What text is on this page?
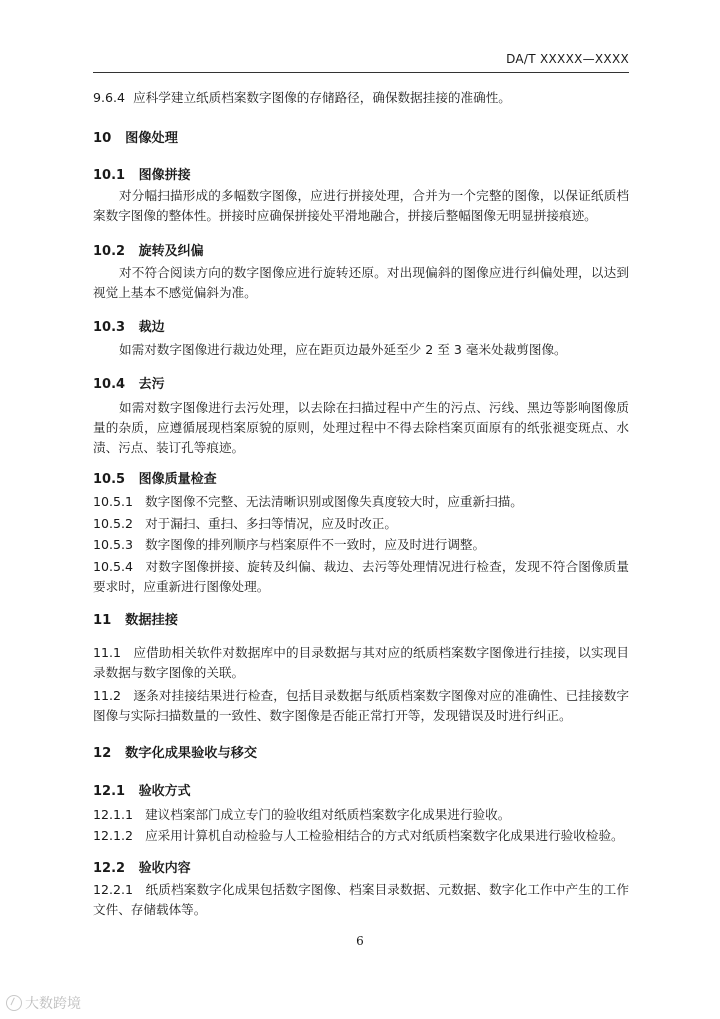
DA/T XXXXX—XXXX
9.6.4 应科学建立纸质档案数字图像的存储路径，确保数据挂接的准确性。
10 图像处理
10.1 图像拼接
对分幅扫描形成的多幅数字图像，应进行拼接处理，合并为一个完整的图像，以保证纸质档案数字图像的整体性。拼接时应确保拼接处平滑地融合，拼接后整幅图像无明显拼接痕迹。
10.2 旋转及纠偏
对不符合阅读方向的数字图像应进行旋转还原。对出现偏斜的图像应进行纠偏处理，以达到视觉上基本不感觉偏斜为准。
10.3 裁边
如需对数字图像进行裁边处理，应在距页边最外延至少 2 至 3 毫米处裁剪图像。
10.4 去污
如需对数字图像进行去污处理，以去除在扫描过程中产生的污点、污线、黑边等影响图像质量的杂质，应遵循展现档案原貌的原则，处理过程中不得去除档案页面原有的纸张褪变斑点、水渍、污点、装订孔等痕迹。
10.5 图像质量检查
10.5.1 数字图像不完整、无法清晰识别或图像失真度较大时，应重新扫描。
10.5.2 对于漏扫、重扫、多扫等情况，应及时改正。
10.5.3 数字图像的排列顺序与档案原件不一致时，应及时进行调整。
10.5.4 对数字图像拼接、旋转及纠偏、裁边、去污等处理情况进行检查，发现不符合图像质量要求时，应重新进行图像处理。
11 数据挂接
11.1 应借助相关软件对数据库中的目录数据与其对应的纸质档案数字图像进行挂接，以实现目录数据与数字图像的关联。
11.2 逐条对挂接结果进行检查，包括目录数据与纸质档案数字图像对应的准确性、已挂接数字图像与实际扫描数量的一致性、数字图像是否能正常打开等，发现错误及时进行纠正。
12 数字化成果验收与移交
12.1 验收方式
12.1.1 建议档案部门成立专门的验收组对纸质档案数字化成果进行验收。
12.1.2 应采用计算机自动检验与人工检验相结合的方式对纸质档案数字化成果进行验收检验。
12.2 验收内容
12.2.1 纸质档案数字化成果包括数字图像、档案目录数据、元数据、数字化工作中产生的工作文件、存储载体等。
6
大数跨境
